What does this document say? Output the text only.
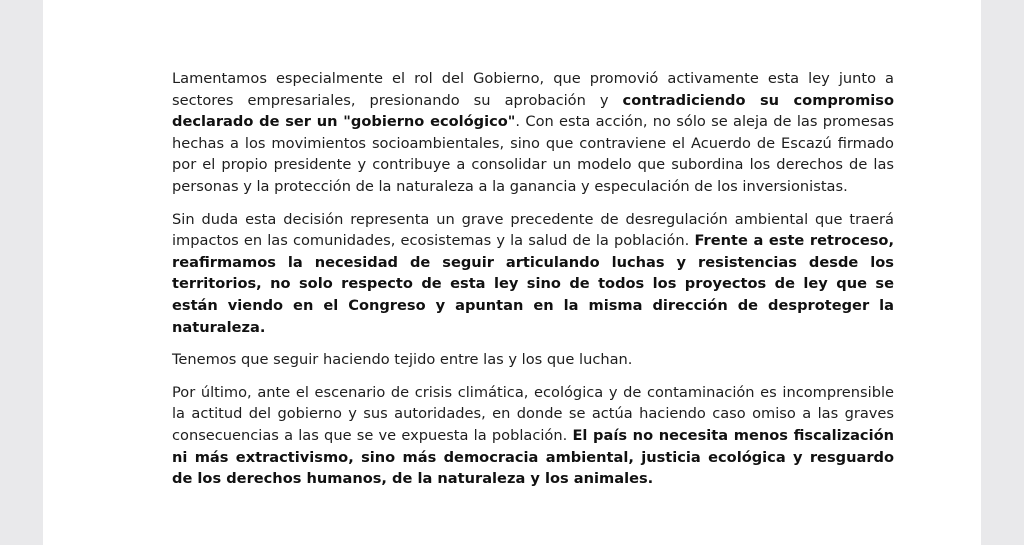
Lamentamos especialmente el rol del Gobierno, que promovió activamente esta ley junto a sectores empresariales, presionando su aprobación y contradiciendo su compromiso declarado de ser un "gobierno ecológico". Con esta acción, no sólo se aleja de las promesas hechas a los movimientos socioambientales, sino que contraviene el Acuerdo de Escazú firmado por el propio presidente y contribuye a consolidar un modelo que subordina los derechos de las personas y la protección de la naturaleza a la ganancia y especulación de los inversionistas.

Sin duda esta decisión representa un grave precedente de desregulación ambiental que traerá impactos en las comunidades, ecosistemas y la salud de la población. Frente a este retroceso, reafirmamos la necesidad de seguir articulando luchas y resistencias desde los territorios, no solo respecto de esta ley sino de todos los proyectos de ley que se están viendo en el Congreso y apuntan en la misma dirección de desproteger la naturaleza.

Tenemos que seguir haciendo tejido entre las y los que luchan.

Por último, ante el escenario de crisis climática, ecológica y de contaminación es incomprensible la actitud del gobierno y sus autoridades, en donde se actúa haciendo caso omiso a las graves consecuencias a las que se ve expuesta la población. El país no necesita menos fiscalización ni más extractivismo, sino más democracia ambiental, justicia ecológica y resguardo de los derechos humanos, de la naturaleza y los animales.
